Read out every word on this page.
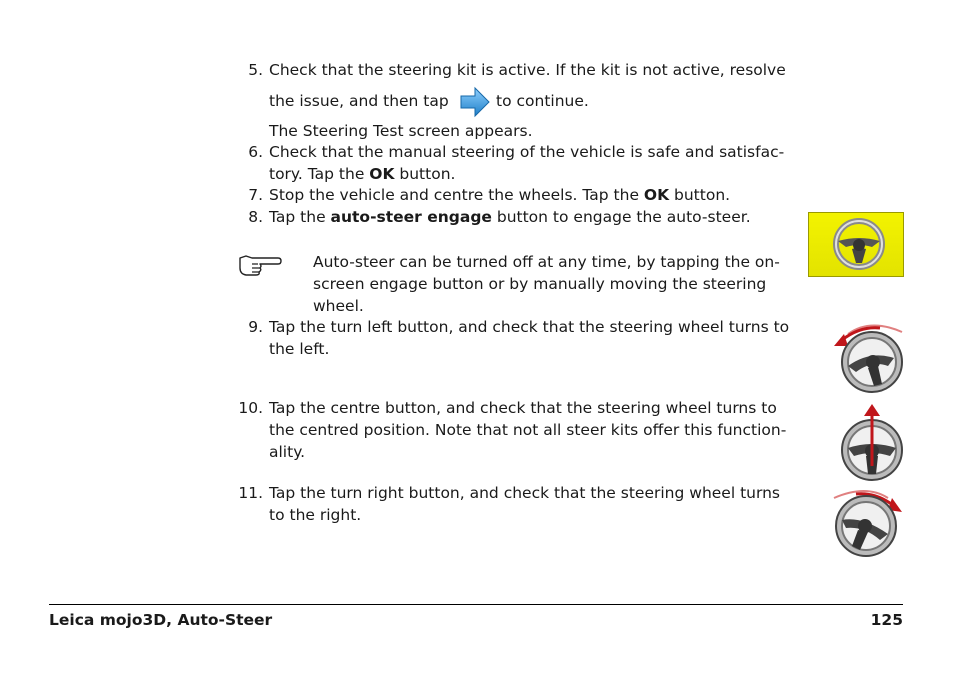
5. Check that the steering kit is active. If the kit is not active, resolve
the issue, and then tap	to continue.
The Steering Test screen appears.
6. Check that the manual steering of the vehicle is safe and satisfac-
tory. Tap the OK button.
7. Stop the vehicle and centre the wheels. Tap the OK button.
8. Tap the auto-steer engage button to engage the auto-steer.
Auto-steer can be turned off at any time, by tapping the on-
screen engage button or by manually moving the steering
wheel.
9. Tap the turn left button, and check that the steering wheel turns to
the left.
10. Tap the centre button, and check that the steering wheel turns to
the centred position. Note that not all steer kits offer this function-
ality.
11. Tap the turn right button, and check that the steering wheel turns
to the right.
Leica mojo3D, Auto-Steer	125
